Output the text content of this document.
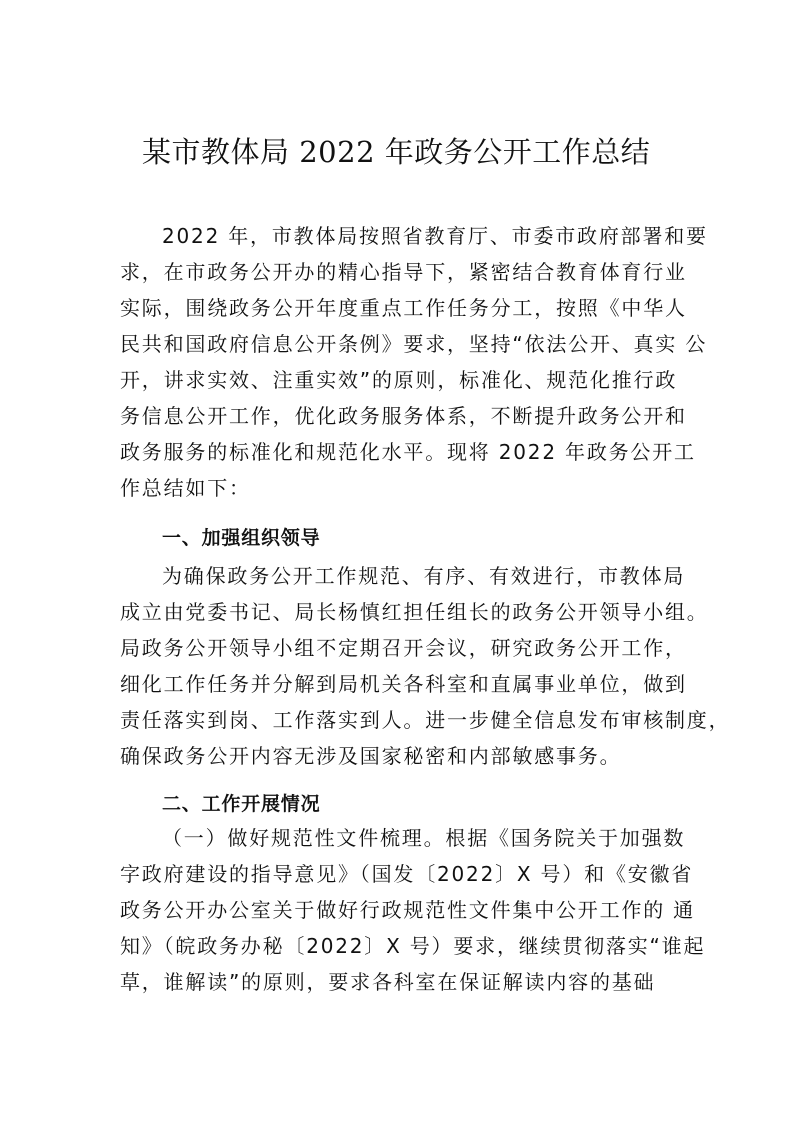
某市教体局 2022 年政务公开工作总结
2022 年，市教体局按照省教育厅、市委市政府部署和要
求，在市政务公开办的精心指导下，紧密结合教育体育行业
实际，围绕政务公开年度重点工作任务分工，按照《中华人
民共和国政府信息公开条例》要求，坚持“依法公开、真实 公
开，讲求实效、注重实效”的原则，标准化、规范化推行政
务信息公开工作，优化政务服务体系，不断提升政务公开和
政务服务的标准化和规范化水平。现将 2022 年政务公开工
作总结如下：
一、加强组织领导
为确保政务公开工作规范、有序、有效进行，市教体局
成立由党委书记、局长杨慎红担任组长的政务公开领导小组。
局政务公开领导小组不定期召开会议，研究政务公开工作，
细化工作任务并分解到局机关各科室和直属事业单位，做到
责任落实到岗、工作落实到人。进一步健全信息发布审核制度，
确保政务公开内容无涉及国家秘密和内部敏感事务。
二、工作开展情况
（一）做好规范性文件梳理。根据《国务院关于加强数
字政府建设的指导意见》（国发〔2022〕X 号）和《安徽省
政务公开办公室关于做好行政规范性文件集中公开工作的 通
知》（皖政务办秘〔2022〕X 号）要求，继续贯彻落实“谁起
草，谁解读”的原则，要求各科室在保证解读内容的基础
